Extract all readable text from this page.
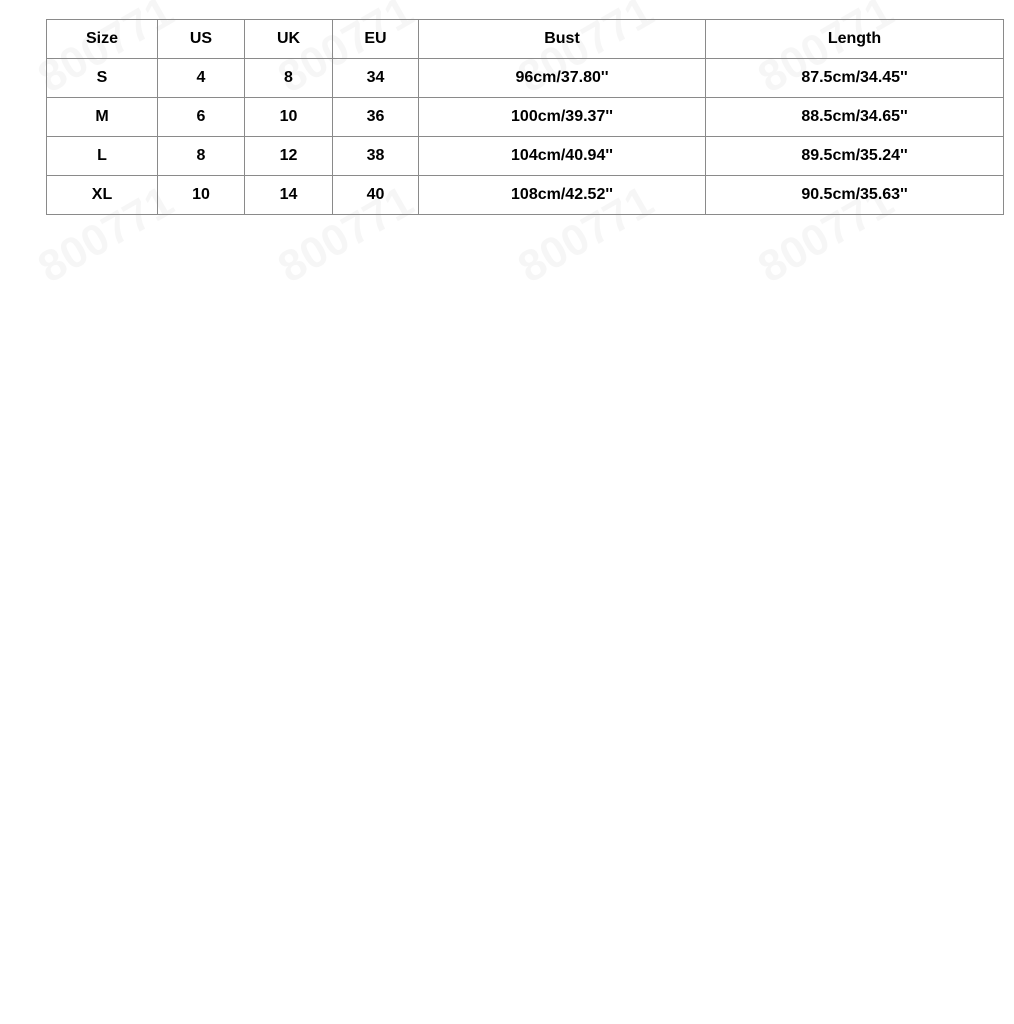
Size	US	UK	EU	Bust	Length
S	4	8	34	96cm/37.80''	87.5cm/34.45''
M	6	10	36	100cm/39.37''	88.5cm/34.65''
L	8	12	38	104cm/40.94''	89.5cm/35.24''
XL	10	14	40	108cm/42.52''	90.5cm/35.63''
